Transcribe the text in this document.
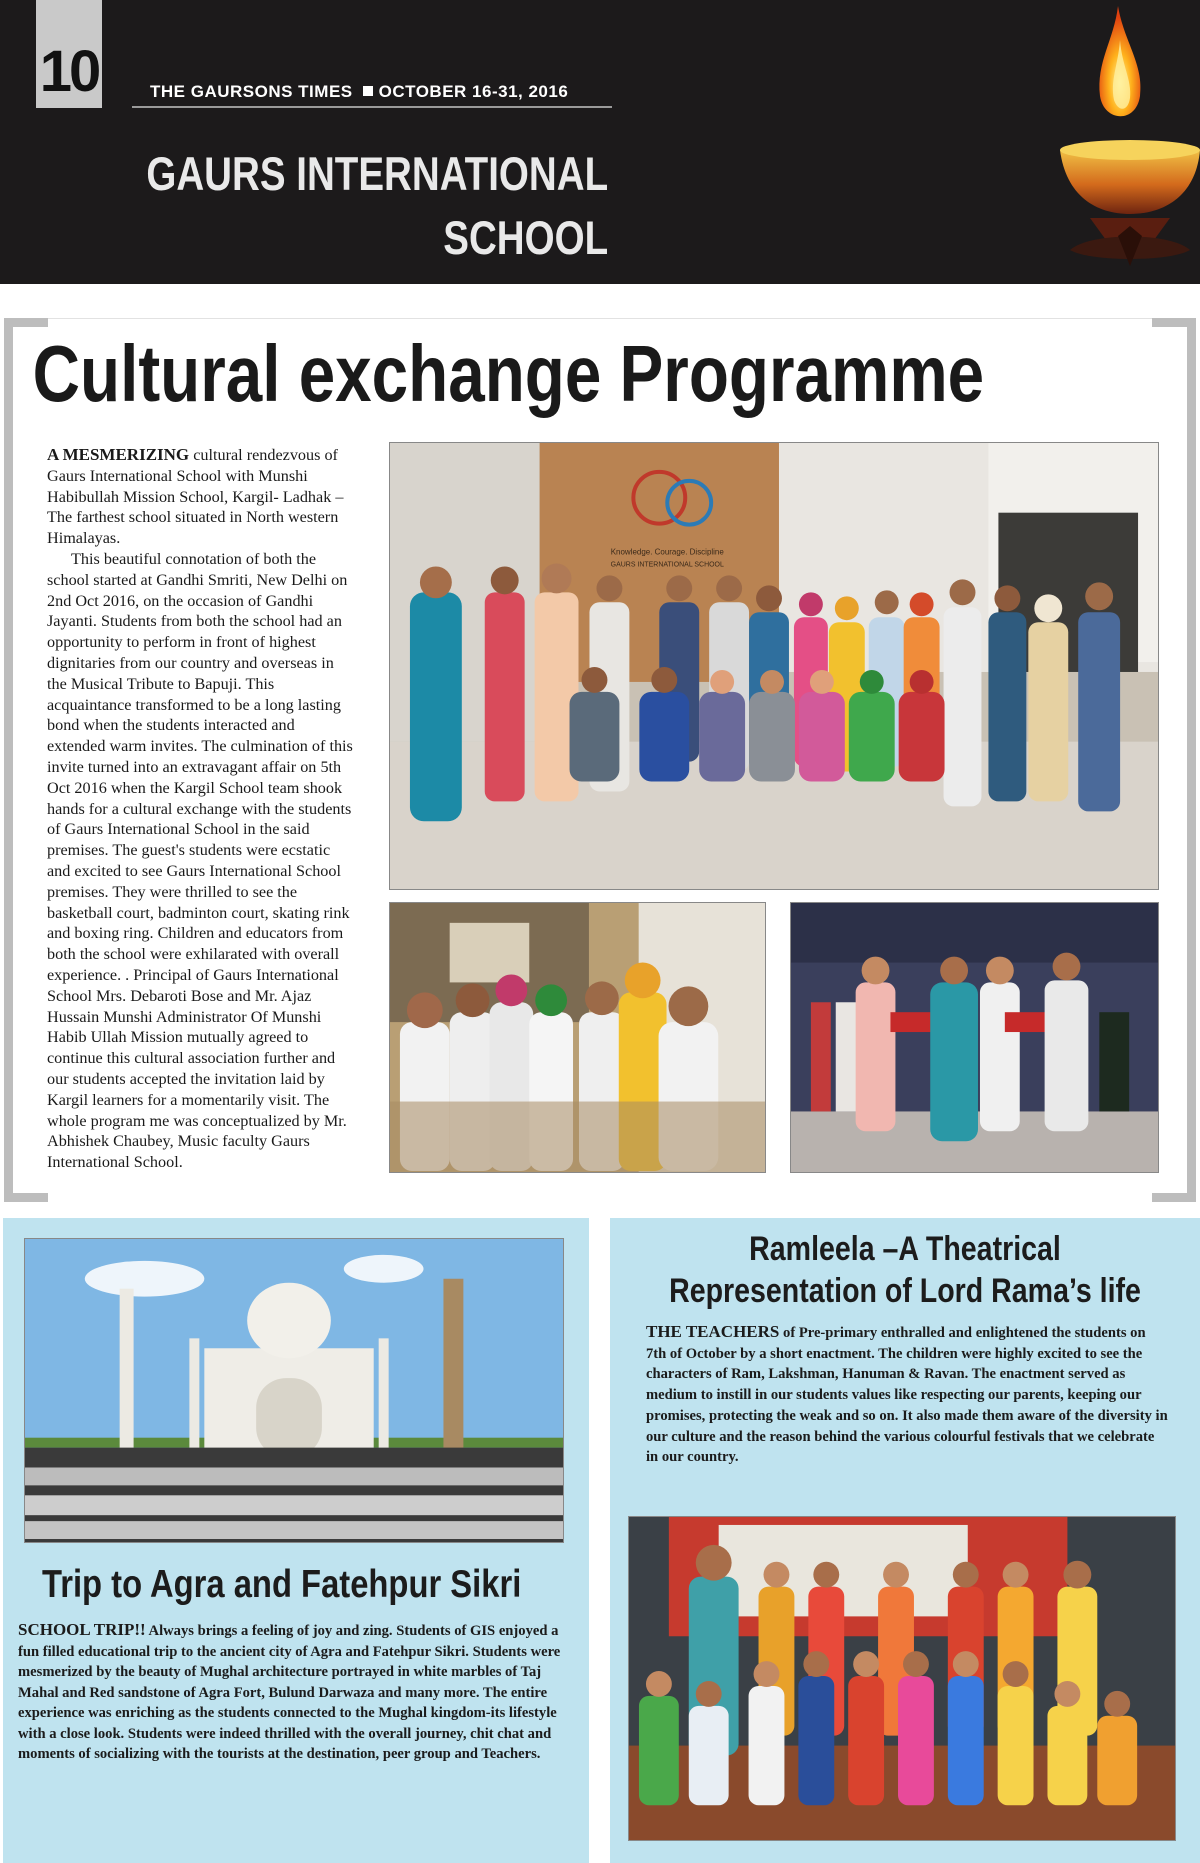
10	THE GAURSONS TIMES OCTOBER 16-31, 2016
GAURS INTERNATIONAL
SCHOOL
Cultural exchange Programme

A MESMERIZING cultural rendezvous of Gaurs International School with Munshi Habibullah Mission School, Kargil- Ladhak – The farthest school situated in North western Himalayas.

This beautiful connotation of both the school started at Gandhi Smriti, New Delhi on 2nd Oct 2016, on the occasion of Gandhi Jayanti. Students from both the school had an opportunity to perform in front of highest dignitaries from our country and overseas in the Musical Tribute to Bapuji. This acquaintance transformed to be a long lasting bond when the students interacted and extended warm invites. The culmination of this invite turned into an extravagant affair on 5th Oct 2016 when the Kargil School team shook hands for a cultural exchange with the students of Gaurs International School in the said premises. The guest's students were ecstatic and excited to see Gaurs International School premises. They were thrilled to see the basketball court, badminton court, skating rink and boxing ring. Children and educators from both the school were exhilarated with overall experience. . Principal of Gaurs International School Mrs. Debaroti Bose and Mr. Ajaz Hussain Munshi Administrator Of Munshi Habib Ullah Mission mutually agreed to continue this cultural association further and our students accepted the invitation laid by Kargil learners for a momentarily visit. The whole program me was conceptualized by Mr. Abhishek Chaubey, Music faculty Gaurs International School.

Knowledge. Courage. Discipline
GAURS INTERNATIONAL SCHOOL
Trip to Agra and Fatehpur Sikri
SCHOOL TRIP!! Always brings a feeling of joy and zing. Students of GIS enjoyed a fun filled educational trip to the ancient city of Agra and Fatehpur Sikri. Students were mesmerized by the beauty of Mughal architecture portrayed in white marbles of Taj Mahal and Red sandstone of Agra Fort, Bulund Darwaza and many more. The entire experience was enriching as the students connected to the Mughal kingdom-its lifestyle with a close look. Students were indeed thrilled with the overall journey, chit chat and moments of socializing with the tourists at the destination, peer group and Teachers.
Ramleela –A Theatrical
Representation of Lord Rama’s life
THE TEACHERS of Pre-primary enthralled and enlightened the students on 7th of October by a short enactment. The children were highly excited to see the characters of Ram, Lakshman, Hanuman & Ravan. The enactment served as medium to instill in our students values like respecting our parents, keeping our promises, protecting the weak and so on. It also made them aware of the diversity in our culture and the reason behind the various colourful festivals that we celebrate in our country.
